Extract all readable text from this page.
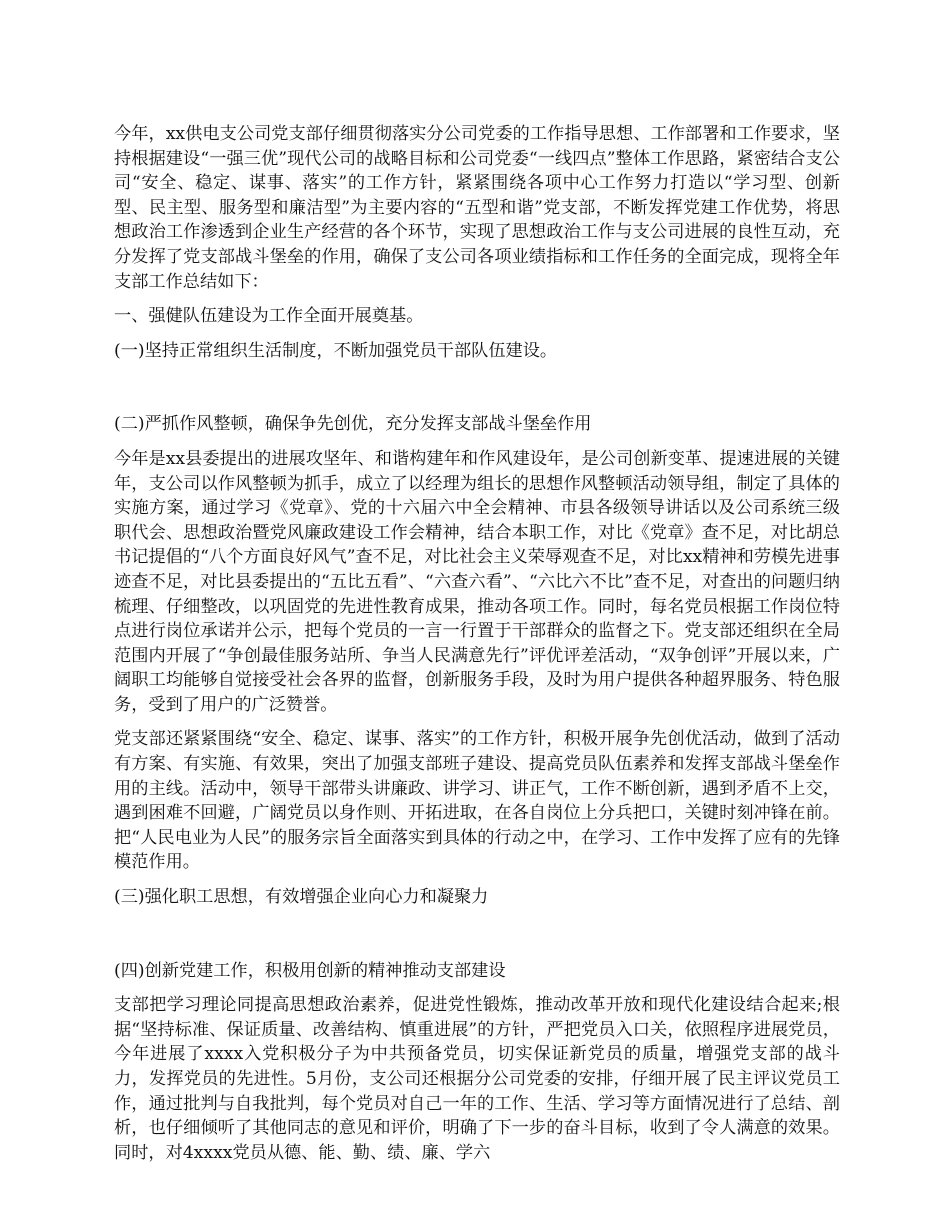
今年，xx供电支公司党支部仔细贯彻落实分公司党委的工作指导思想、工作部署和工作要求，坚持根据建设“一强三优”现代公司的战略目标和公司党委“一线四点”整体工作思路，紧密结合支公司“安全、稳定、谋事、落实”的工作方针，紧紧围绕各项中心工作努力打造以“学习型、创新型、民主型、服务型和廉洁型”为主要内容的“五型和谐”党支部，不断发挥党建工作优势，将思想政治工作渗透到企业生产经营的各个环节，实现了思想政治工作与支公司进展的良性互动，充分发挥了党支部战斗堡垒的作用，确保了支公司各项业绩指标和工作任务的全面完成，现将全年支部工作总结如下：

一、强健队伍建设为工作全面开展奠基。

(一)坚持正常组织生活制度，不断加强党员干部队伍建设。

(二)严抓作风整顿，确保争先创优，充分发挥支部战斗堡垒作用

今年是xx县委提出的进展攻坚年、和谐构建年和作风建设年，是公司创新变革、提速进展的关键年，支公司以作风整顿为抓手，成立了以经理为组长的思想作风整顿活动领导组，制定了具体的实施方案，通过学习《党章》、党的十六届六中全会精神、市县各级领导讲话以及公司系统三级职代会、思想政治暨党风廉政建设工作会精神，结合本职工作，对比《党章》查不足，对比胡总书记提倡的“八个方面良好风气”查不足，对比社会主义荣辱观查不足，对比xx精神和劳模先进事迹查不足，对比县委提出的“五比五看”、“六查六看”、“六比六不比”查不足，对查出的问题归纳梳理、仔细整改，以巩固党的先进性教育成果，推动各项工作。同时，每名党员根据工作岗位特点进行岗位承诺并公示，把每个党员的一言一行置于干部群众的监督之下。党支部还组织在全局范围内开展了“争创最佳服务站所、争当人民满意先行”评优评差活动，“双争创评”开展以来，广阔职工均能够自觉接受社会各界的监督，创新服务手段，及时为用户提供各种超界服务、特色服务，受到了用户的广泛赞誉。

党支部还紧紧围绕“安全、稳定、谋事、落实”的工作方针，积极开展争先创优活动，做到了活动有方案、有实施、有效果，突出了加强支部班子建设、提高党员队伍素养和发挥支部战斗堡垒作用的主线。活动中，领导干部带头讲廉政、讲学习、讲正气，工作不断创新，遇到矛盾不上交，遇到困难不回避，广阔党员以身作则、开拓进取，在各自岗位上分兵把口，关键时刻冲锋在前。把“人民电业为人民”的服务宗旨全面落实到具体的行动之中，在学习、工作中发挥了应有的先锋模范作用。

(三)强化职工思想，有效增强企业向心力和凝聚力

(四)创新党建工作，积极用创新的精神推动支部建设

支部把学习理论同提高思想政治素养，促进党性锻炼，推动改革开放和现代化建设结合起来;根据“坚持标准、保证质量、改善结构、慎重进展”的方针，严把党员入口关，依照程序进展党员，今年进展了xxxx入党积极分子为中共预备党员，切实保证新党员的质量，增强党支部的战斗力，发挥党员的先进性。5月份，支公司还根据分公司党委的安排，仔细开展了民主评议党员工作，通过批判与自我批判，每个党员对自己一年的工作、生活、学习等方面情况进行了总结、剖析，也仔细倾听了其他同志的意见和评价，明确了下一步的奋斗目标，收到了令人满意的效果。同时，对4xxxx党员从德、能、勤、绩、廉、学六
